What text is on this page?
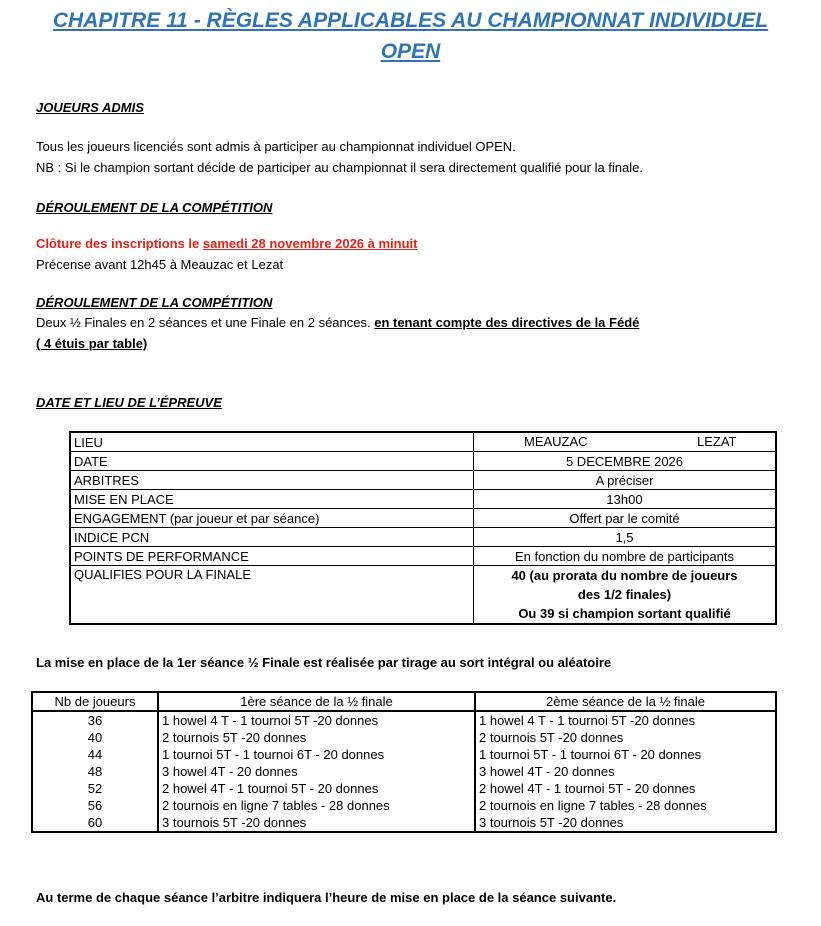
CHAPITRE 11 - RÈGLES APPLICABLES AU CHAMPIONNAT INDIVIDUEL
OPEN
JOUEURS ADMIS
Tous les joueurs licenciés sont admis à participer au championnat individuel OPEN.
NB : Si le champion sortant décide de participer au championnat il sera directement qualifié pour la finale.
DÉROULEMENT DE LA COMPÉTITION
Clôture des inscriptions le samedi 28 novembre 2026 à minuit
Précense avant 12h45 à Meauzac et Lezat
DÉROULEMENT DE LA COMPÉTITION
Deux ½ Finales en 2 séances et une Finale en 2 séances. en tenant compte des directives de la Fédé
( 4 étuis par table)
DATE ET LIEU DE L’ÉPREUVE
LIEU	MEAUZAC LEZAT

DATE	5 DECEMBRE 2026
ARBITRES	A préciser
MISE EN PLACE	13h00
ENGAGEMENT (par joueur et par séance)	Offert par le comité
INDICE PCN	1,5
POINTS DE PERFORMANCE	En fonction du nombre de participants
QUALIFIES POUR LA FINALE	40 (au prorata du nombre de joueurs
des 1/2 finales)
Ou 39 si champion sortant qualifié
La mise en place de la 1er séance ½ Finale est réalisée par tirage au sort intégral ou aléatoire
Nb de joueurs	1ère séance de la ½ finale	2ème séance de la ½ finale
36	1 howel 4 T - 1 tournoi 5T -20 donnes	1 howel 4 T - 1 tournoi 5T -20 donnes
40	2 tournois 5T -20 donnes	2 tournois 5T -20 donnes
44	1 tournoi 5T - 1 tournoi 6T - 20 donnes	1 tournoi 5T - 1 tournoi 6T - 20 donnes
48	3 howel 4T - 20 donnes	3 howel 4T - 20 donnes
52	2 howel 4T - 1 tournoi 5T - 20 donnes	2 howel 4T - 1 tournoi 5T - 20 donnes
56	2 tournois en ligne 7 tables - 28 donnes	2 tournois en ligne 7 tables - 28 donnes
60	3 tournois 5T -20 donnes	3 tournois 5T -20 donnes
Au terme de chaque séance l’arbitre indiquera l’heure de mise en place de la séance suivante.
